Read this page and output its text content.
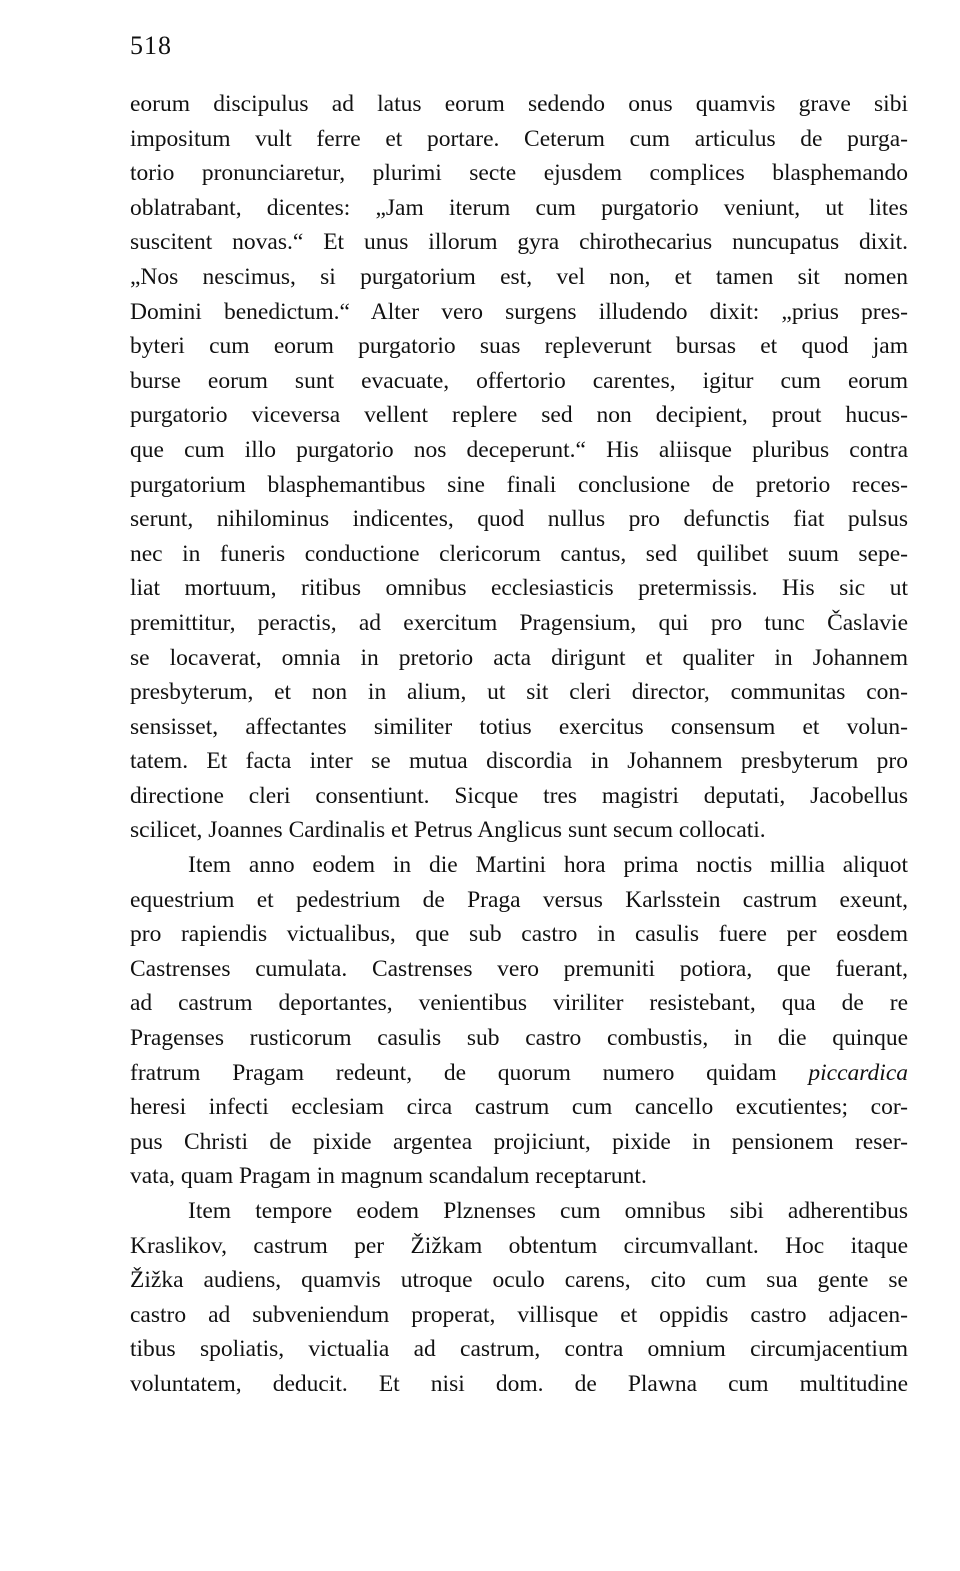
518
eorum discipulus ad latus eorum sedendo onus quamvis grave sibi
impositum vult ferre et portare. Ceterum cum articulus de purga-
torio pronunciaretur, plurimi secte ejusdem complices blasphemando
oblatrabant, dicentes: „Jam iterum cum purgatorio veniunt, ut lites
suscitent novas.“ Et unus illorum gyra chirothecarius nuncupatus dixit.
„Nos nescimus, si purgatorium est, vel non, et tamen sit nomen
Domini benedictum.“ Alter vero surgens illudendo dixit: „prius pres-
byteri cum eorum purgatorio suas repleverunt bursas et quod jam
burse eorum sunt evacuate, offertorio carentes, igitur cum eorum
purgatorio viceversa vellent replere sed non decipient, prout hucus-
que cum illo purgatorio nos deceperunt.“ His aliisque pluribus contra
purgatorium blasphemantibus sine finali conclusione de pretorio reces-
serunt, nihilominus indicentes, quod nullus pro defunctis fiat pulsus
nec in funeris conductione clericorum cantus, sed quilibet suum sepe-
liat mortuum, ritibus omnibus ecclesiasticis pretermissis. His sic ut
premittitur, peractis, ad exercitum Pragensium, qui pro tunc Časlavie
se locaverat, omnia in pretorio acta dirigunt et qualiter in Johannem
presbyterum, et non in alium, ut sit cleri director, communitas con-
sensisset, affectantes similiter totius exercitus consensum et volun-
tatem. Et facta inter se mutua discordia in Johannem presbyterum pro
directione cleri consentiunt. Sicque tres magistri deputati, Jacobellus
scilicet, Joannes Cardinalis et Petrus Anglicus sunt secum collocati.
Item anno eodem in die Martini hora prima noctis millia aliquot
equestrium et pedestrium de Praga versus Karlsstein castrum exeunt,
pro rapiendis victualibus, que sub castro in casulis fuere per eosdem
Castrenses cumulata. Castrenses vero premuniti potiora, que fuerant,
ad castrum deportantes, venientibus viriliter resistebant, qua de re
Pragenses rusticorum casulis sub castro combustis, in die quinque
fratrum Pragam redeunt, de quorum numero quidam piccardica
heresi infecti ecclesiam circa castrum cum cancello excutientes; cor-
pus Christi de pixide argentea projiciunt, pixide in pensionem reser-
vata, quam Pragam in magnum scandalum receptarunt.
Item tempore eodem Plznenses cum omnibus sibi adherentibus
Kraslikov, castrum per Žižkam obtentum circumvallant. Hoc itaque
Žižka audiens, quamvis utroque oculo carens, cito cum sua gente se
castro ad subveniendum properat, villisque et oppidis castro adjacen-
tibus spoliatis, victualia ad castrum, contra omnium circumjacentium
voluntatem, deducit. Et nisi dom. de Plawna cum multitudine
